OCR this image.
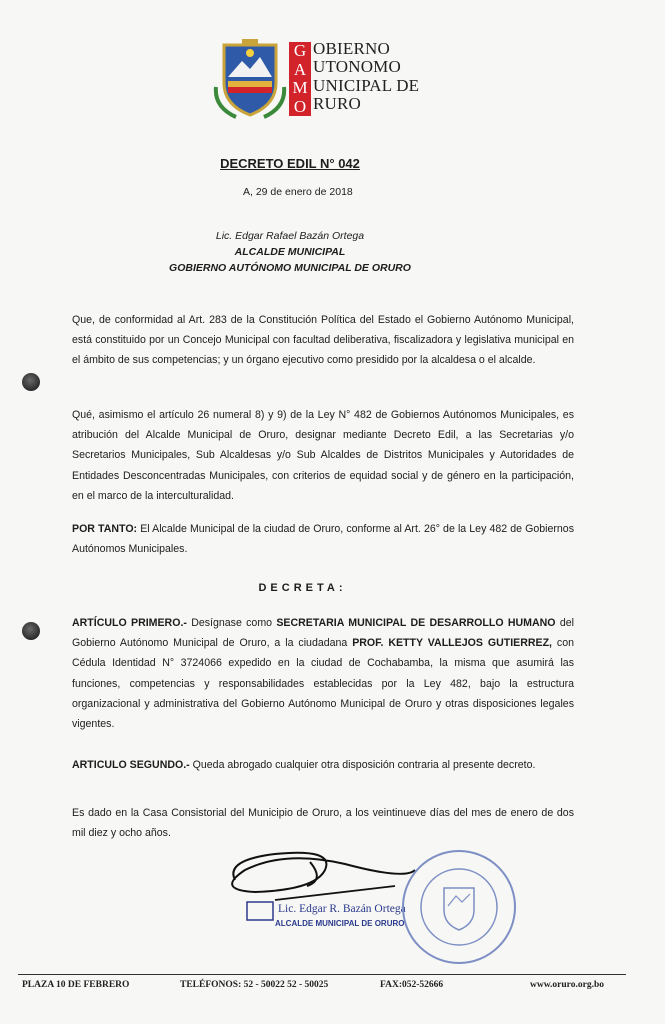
G
A
M
O
OBIERNO
UTONOMO
UNICIPAL DE
RURO
DECRETO EDIL N° 042
A, 29 de enero de 2018
Lic. Edgar Rafael Bazán Ortega
ALCALDE MUNICIPAL
GOBIERNO AUTÓNOMO MUNICIPAL DE ORURO
Que, de conformidad al Art. 283 de la Constitución Política del Estado el Gobierno Autónomo Municipal, está constituido por un Concejo Municipal con facultad deliberativa, fiscalizadora y legislativa municipal en el ámbito de sus competencias; y un órgano ejecutivo como presidido por la alcaldesa o el alcalde.
Qué, asimismo el artículo 26 numeral 8) y 9) de la Ley N° 482 de Gobiernos Autónomos Municipales, es atribución del Alcalde Municipal de Oruro, designar mediante Decreto Edil, a las Secretarias y/o Secretarios Municipales, Sub Alcaldesas y/o Sub Alcaldes de Distritos Municipales y Autoridades de Entidades Desconcentradas Municipales, con criterios de equidad social y de género en la participación, en el marco de la interculturalidad.
POR TANTO: El Alcalde Municipal de la ciudad de Oruro, conforme al Art. 26° de la Ley 482 de Gobiernos Autónomos Municipales.
DECRETA:
ARTÍCULO PRIMERO.- Desígnase como SECRETARIA MUNICIPAL DE DESARROLLO HUMANO del Gobierno Autónomo Municipal de Oruro, a la ciudadana PROF. KETTY VALLEJOS GUTIERREZ, con Cédula Identidad N° 3724066 expedido en la ciudad de Cochabamba, la misma que asumirá las funciones, competencias y responsabilidades establecidas por la Ley 482, bajo la estructura organizacional y administrativa del Gobierno Autónomo Municipal de Oruro y otras disposiciones legales vigentes.
ARTICULO SEGUNDO.- Queda abrogado cualquier otra disposición contraria al presente decreto.
Es dado en la Casa Consistorial del Municipio de Oruro, a los veintinueve días del mes de enero de dos mil diez y ocho años.
Lic. Edgar R. Bazán Ortega
ALCALDE MUNICIPAL DE ORURO
PLAZA 10 DE FEBRERO	TELÉFONOS: 52 - 50022 52 - 50025	FAX:052-52666	www.oruro.org.bo
